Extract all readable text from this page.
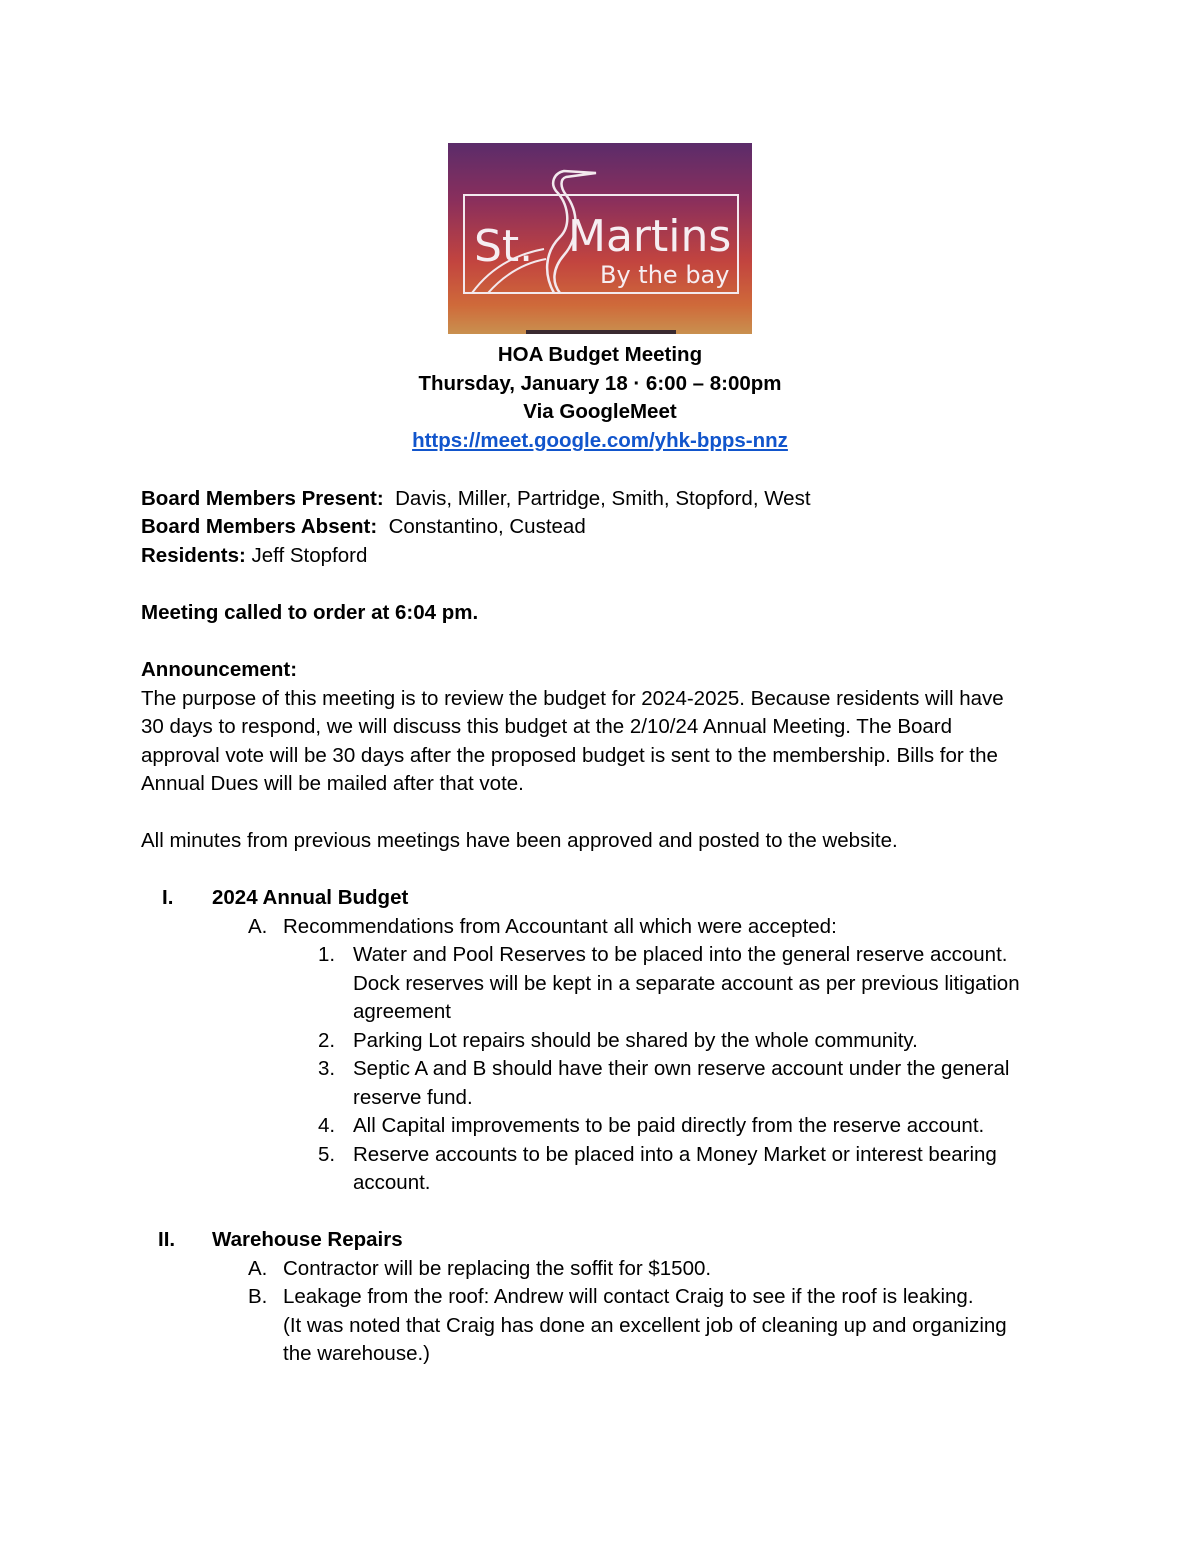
St. Martins
By the bay
HOA Budget Meeting
Thursday, January 18 · 6:00 – 8:00pm
Via GoogleMeet
https://meet.google.com/yhk-bpps-nnz
Board Members Present: Davis, Miller, Partridge, Smith, Stopford, West
Board Members Absent: Constantino, Custead
Residents: Jeff Stopford
Meeting called to order at 6:04 pm.
Announcement:
The purpose of this meeting is to review the budget for 2024-2025. Because residents will have
30 days to respond, we will discuss this budget at the 2/10/24 Annual Meeting. The Board
approval vote will be 30 days after the proposed budget is sent to the membership. Bills for the
Annual Dues will be mailed after that vote.
All minutes from previous meetings have been approved and posted to the website.
I. 2024 Annual Budget
A. Recommendations from Accountant all which were accepted:
1. Water and Pool Reserves to be placed into the general reserve account.
Dock reserves will be kept in a separate account as per previous litigation
agreement
2. Parking Lot repairs should be shared by the whole community.
3. Septic A and B should have their own reserve account under the general
reserve fund.
4. All Capital improvements to be paid directly from the reserve account.
5. Reserve accounts to be placed into a Money Market or interest bearing
account.
II. Warehouse Repairs
A. Contractor will be replacing the soffit for $1500.
B. Leakage from the roof: Andrew will contact Craig to see if the roof is leaking.
(It was noted that Craig has done an excellent job of cleaning up and organizing
the warehouse.)
